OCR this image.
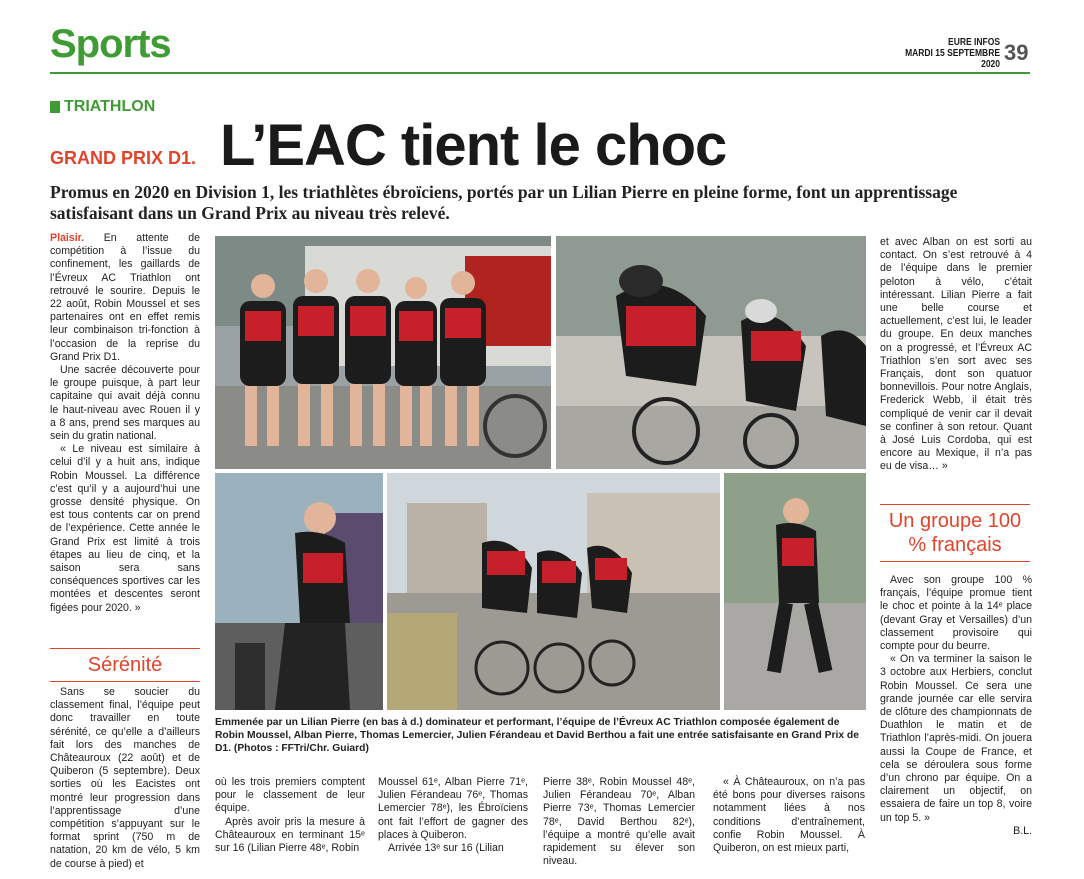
Sports	EURE INFOS
MARDI 15 SEPTEMBRE 2020 39
TRIATHLON
GRAND PRIX D1. L’EAC tient le choc
Promus en 2020 en Division 1, les triathlètes ébroïciens, portés par un Lilian Pierre en pleine forme, font un apprentissage satisfaisant dans un Grand Prix au niveau très relevé.

Plaisir. En attente de compétition à l’issue du confinement, les gaillards de l’Évreux AC Triathlon ont retrouvé le sourire. Depuis le 22 août, Robin Moussel et ses partenaires ont en effet remis leur combinaison tri-fonction à l’occasion de la reprise du Grand Prix D1.

Une sacrée découverte pour le groupe puisque, à part leur capitaine qui avait déjà connu le haut-niveau avec Rouen il y a 8 ans, prend ses marques au sein du gratin national.

« Le niveau est similaire à celui d’il y a huit ans, indique Robin Moussel. La différence c’est qu’il y a aujourd’hui une grosse densité physique. On est tous contents car on prend de l’expérience. Cette année le Grand Prix est limité à trois étapes au lieu de cinq, et la saison sera sans conséquences sportives car les montées et descentes seront figées pour 2020. »

Sérénité

Sans se soucier du classement final, l’équipe peut donc travailler en toute sérénité, ce qu’elle a d’ailleurs fait lors des manches de Châteauroux (22 août) et de Quiberon (5 septembre). Deux sorties où les Eacistes ont montré leur progression dans l’apprentissage d’une compétition s’appuyant sur le format sprint (750 m de natation, 20 km de vélo, 5 km de course à pied) et

Emmenée par un Lilian Pierre (en bas à d.) dominateur et performant, l’équipe de l’Évreux AC Triathlon composée également de Robin Moussel, Alban Pierre, Thomas Lemercier, Julien Férandeau et David Berthou a fait une entrée satisfaisante en Grand Prix de D1. (Photos : FFTri/Chr. Guiard)

où les trois premiers comptent pour le classement de leur équipe.

Après avoir pris la mesure à Châteauroux en terminant 15ᵉ sur 16 (Lilian Pierre 48ᵉ, Robin

Moussel 61ᵉ, Alban Pierre 71ᵉ, Julien Férandeau 76ᵉ, Thomas Lemercier 78ᵉ), les Ébroïciens ont fait l’effort de gagner des places à Quiberon.

Arrivée 13ᵉ sur 16 (Lilian

Pierre 38ᵉ, Robin Moussel 48ᵉ, Julien Férandeau 70ᵉ, Alban Pierre 73ᵉ, Thomas Lemercier 78ᵉ, David Berthou 82ᵉ), l’équipe a montré qu’elle avait rapidement su élever son niveau.

« À Châteauroux, on n’a pas été bons pour diverses raisons notamment liées à nos conditions d’entraînement, confie Robin Moussel. À Quiberon, on est mieux parti,

et avec Alban on est sorti au contact. On s’est retrouvé à 4 de l’équipe dans le premier peloton à vélo, c’était intéressant. Lilian Pierre a fait une belle course et actuellement, c’est lui, le leader du groupe. En deux manches on a progressé, et l’Évreux AC Triathlon s’en sort avec ses Français, dont son quatuor bonnevillois. Pour notre Anglais, Frederick Webb, il était très compliqué de venir car il devait se confiner à son retour. Quant à José Luis Cordoba, qui est encore au Mexique, il n’a pas eu de visa… »

Un groupe 100 % français

Avec son groupe 100 % français, l’équipe promue tient le choc et pointe à la 14ᵉ place (devant Gray et Versailles) d’un classement provisoire qui compte pour du beurre.

« On va terminer la saison le 3 octobre aux Herbiers, conclut Robin Moussel. Ce sera une grande journée car elle servira de clôture des championnats de Duathlon le matin et de Triathlon l’après-midi. On jouera aussi la Coupe de France, et cela se déroulera sous forme d’un chrono par équipe. On a clairement un objectif, on essaiera de faire un top 8, voire un top 5. »

B.L.
